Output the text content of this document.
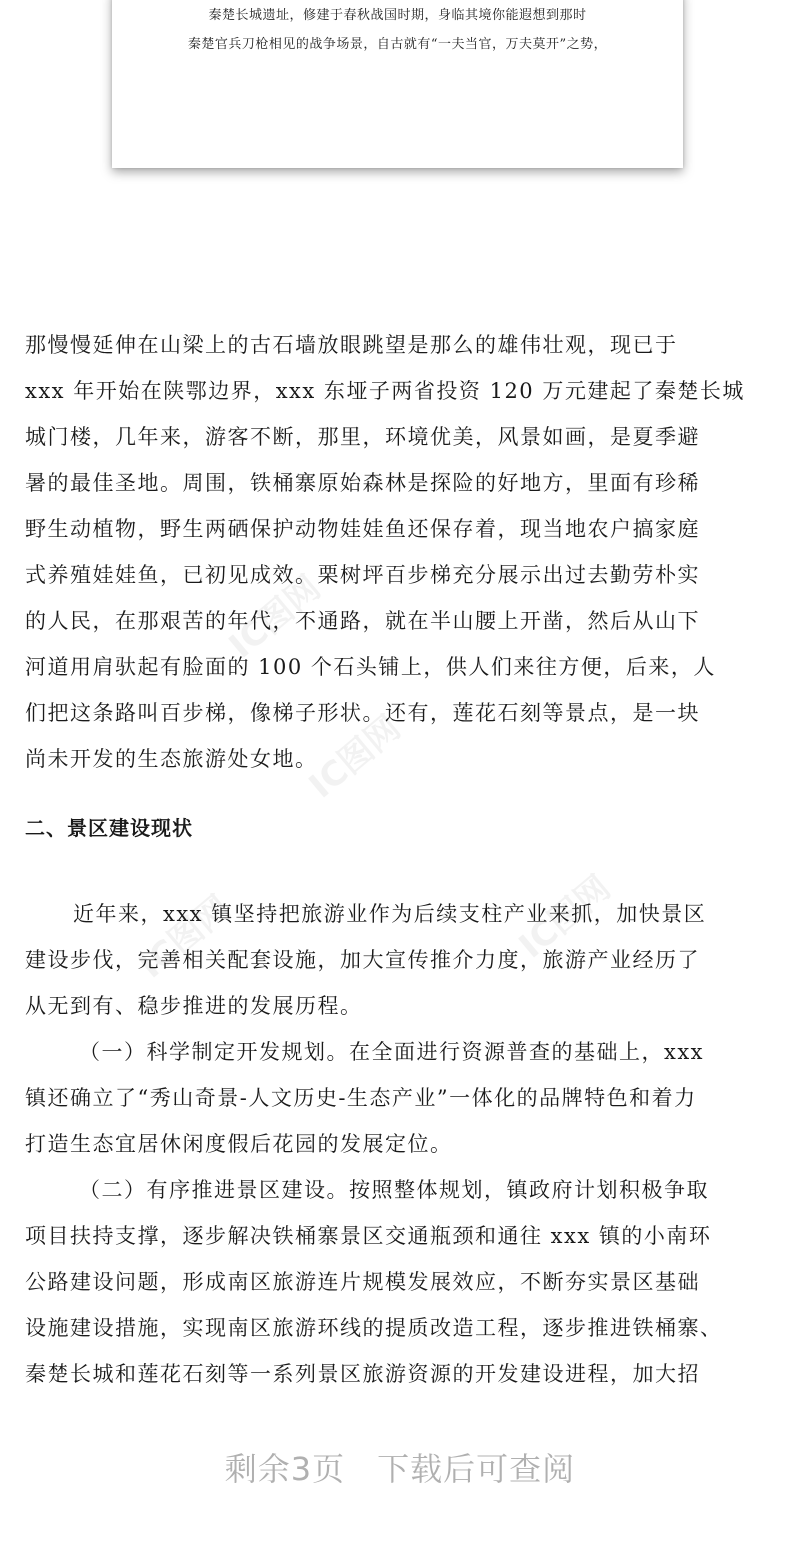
秦楚长城遗址，修建于春秋战国时期，身临其境你能遐想到那时
秦楚官兵刀枪相见的战争场景，自古就有“一夫当官，万夫莫开”之势，
IC图网
IC图网
IC图网	IC图网
那慢慢延伸在山梁上的古石墙放眼跳望是那么的雄伟壮观，现已于
xxx 年开始在陕鄂边界，xxx 东垭子两省投资 120 万元建起了秦楚长城
城门楼，几年来，游客不断，那里，环境优美，风景如画，是夏季避
暑的最佳圣地。周围，铁桶寨原始森林是探险的好地方，里面有珍稀
野生动植物，野生两硒保护动物娃娃鱼还保存着，现当地农户搞家庭
式养殖娃娃鱼，已初见成效。栗树坪百步梯充分展示出过去勤劳朴实
的人民，在那艰苦的年代，不通路，就在半山腰上开凿，然后从山下
河道用肩驮起有脸面的 100 个石头铺上，供人们来往方便，后来，人
们把这条路叫百步梯，像梯子形状。还有，莲花石刻等景点，是一块
尚未开发的生态旅游处女地。
二、景区建设现状
近年来，xxx 镇坚持把旅游业作为后续支柱产业来抓，加快景区
建设步伐，完善相关配套设施，加大宣传推介力度，旅游产业经历了
从无到有、稳步推进的发展历程。
（一）科学制定开发规划。在全面进行资源普查的基础上，xxx
镇还确立了“秀山奇景-人文历史-生态产业”一体化的品牌特色和着力
打造生态宜居休闲度假后花园的发展定位。
（二）有序推进景区建设。按照整体规划，镇政府计划积极争取
项目扶持支撑，逐步解决铁桶寨景区交通瓶颈和通往 xxx 镇的小南环
公路建设问题，形成南区旅游连片规模发展效应，不断夯实景区基础
设施建设措施，实现南区旅游环线的提质改造工程，逐步推进铁桶寨、
秦楚长城和莲花石刻等一系列景区旅游资源的开发建设进程，加大招
剩余3页 下载后可查阅
